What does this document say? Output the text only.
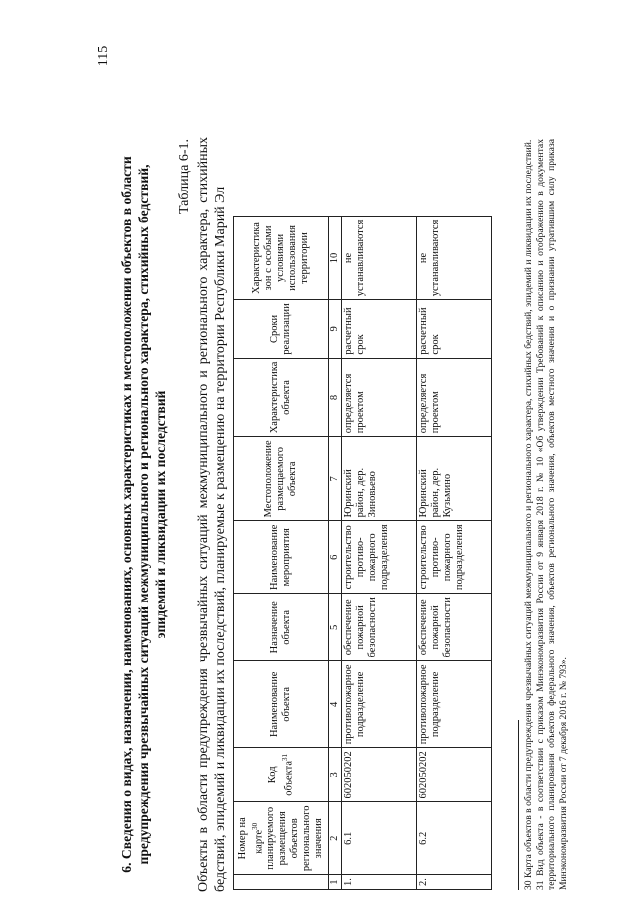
115

6. Сведения о видах, назначении, наименованиях, основных характеристиках и местоположении объектов в области предупреждения чрезвычайных ситуаций межмуниципального и регионального характера, стихийных бедствий, эпидемий и ликвидации их последствий

Таблица 6-1. Объекты в области предупреждения чрезвычайных ситуаций межмуниципального и регионального характера, стихийных бедствий, эпидемий и ликвидации их последствий, планируемые к размещению на территории Республики Марий Эл

	Номер на карте$^{30}$ планируемого размещения объектов регионального значения	Код объекта$^{31}$	Наименование объекта	Назначение объекта	Наименование мероприятия	Местоположение размещаемого объекта	Характеристика объекта	Сроки реализации	Характеристика зон с особыми условиями использования территории
1	2	3	4	5	6	7	8	9	10
1.	6.1	602050202	противопожарное подразделение	обеспечение пожарной безопасности	строительство противо-пожарного подразделения	Юринский район, дер. Зиновьево	определяется проектом	расчетный срок	не устанавливаются
2.	6.2	602050202	противопожарное подразделение	обеспечение пожарной безопасности	строительство противо-пожарного подразделения	Юринский район, дер. Кузьмино	определяется проектом	расчетный срок	не устанавливаются	30 Карта объектов в области предупреждения чрезвычайных ситуаций межмуниципального и регионального характера, стихийных бедствий, эпидемий и ликвидации их последствий. 31 Вид объекта - в соответствии с приказом Минэкономразвития России от 9 января 2018 г. № 10 «Об утверждении Требований к описанию и отображению в документах территориального планирования объектов федерального значения, объектов регионального значения, объектов местного значения и о признании утратившим силу приказа Минэкономразвития России от 7 декабря 2016 г. № 793».
